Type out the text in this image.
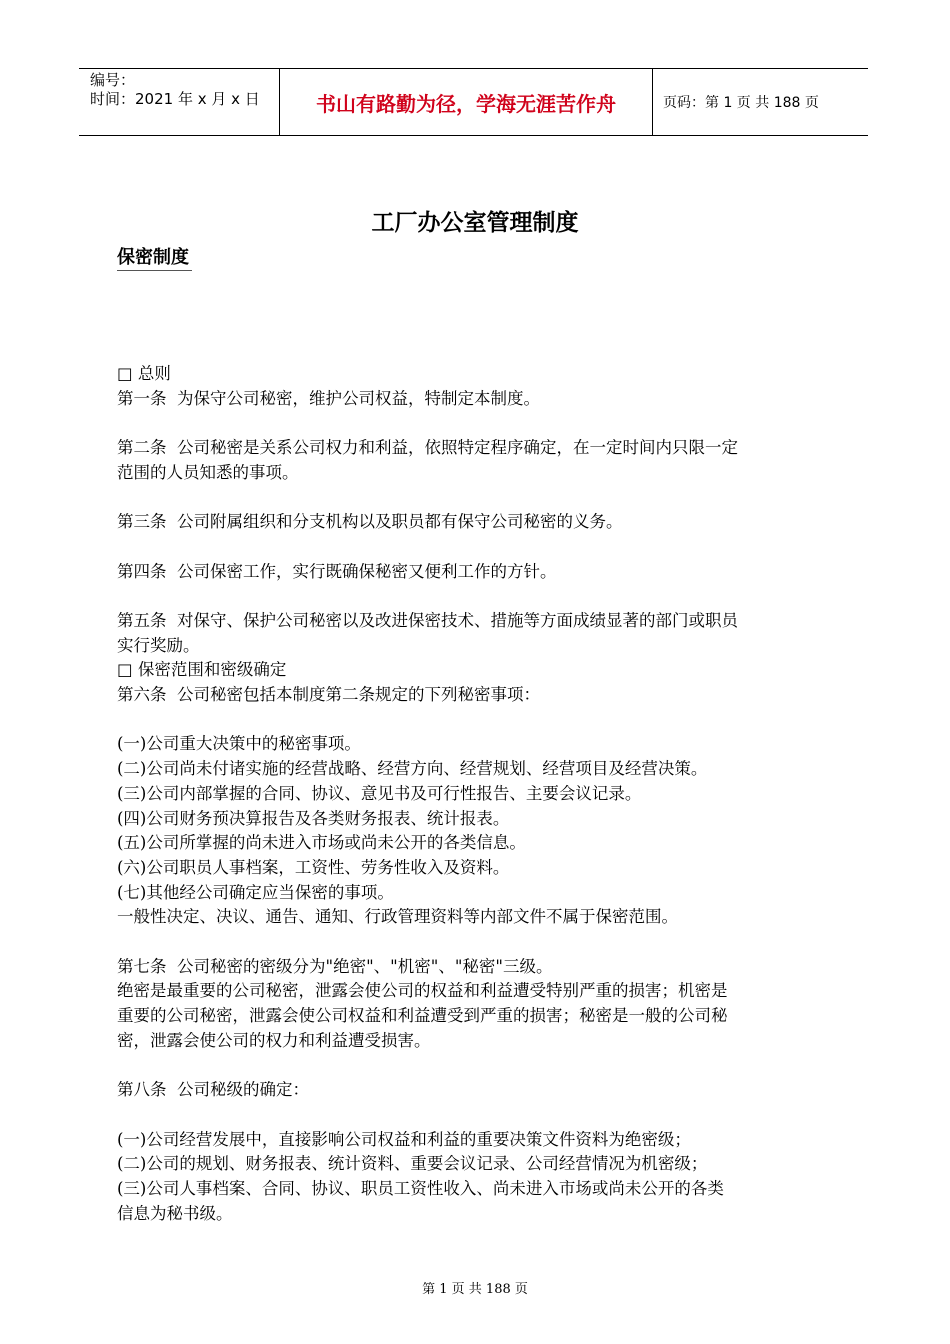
编号：
时间：2021 年 x 月 x 日	书山有路勤为径，学海无涯苦作舟	页码：第 1 页 共 188 页
工厂办公室管理制度
保密制度

□ 总则

第一条  为保守公司秘密，维护公司权益，特制定本制度。

第二条  公司秘密是关系公司权力和利益，依照特定程序确定，在一定时间内只限一定

范围的人员知悉的事项。

第三条  公司附属组织和分支机构以及职员都有保守公司秘密的义务。

第四条  公司保密工作，实行既确保秘密又便利工作的方针。

第五条  对保守、保护公司秘密以及改进保密技术、措施等方面成绩显著的部门或职员

实行奖励。

□ 保密范围和密级确定

第六条  公司秘密包括本制度第二条规定的下列秘密事项：

(一)公司重大决策中的秘密事项。

(二)公司尚未付诸实施的经营战略、经营方向、经营规划、经营项目及经营决策。

(三)公司内部掌握的合同、协议、意见书及可行性报告、主要会议记录。

(四)公司财务预决算报告及各类财务报表、统计报表。

(五)公司所掌握的尚未进入市场或尚未公开的各类信息。

(六)公司职员人事档案，工资性、劳务性收入及资料。

(七)其他经公司确定应当保密的事项。

一般性决定、决议、通告、通知、行政管理资料等内部文件不属于保密范围。

第七条  公司秘密的密级分为"绝密"、"机密"、"秘密"三级。

绝密是最重要的公司秘密，泄露会使公司的权益和利益遭受特别严重的损害；机密是

重要的公司秘密，泄露会使公司权益和利益遭受到严重的损害；秘密是一般的公司秘

密，泄露会使公司的权力和利益遭受损害。

第八条  公司秘级的确定：

(一)公司经营发展中，直接影响公司权益和利益的重要决策文件资料为绝密级；

(二)公司的规划、财务报表、统计资料、重要会议记录、公司经营情况为机密级；

(三)公司人事档案、合同、协议、职员工资性收入、尚未进入市场或尚未公开的各类

信息为秘书级。

第 1 页 共 188 页
